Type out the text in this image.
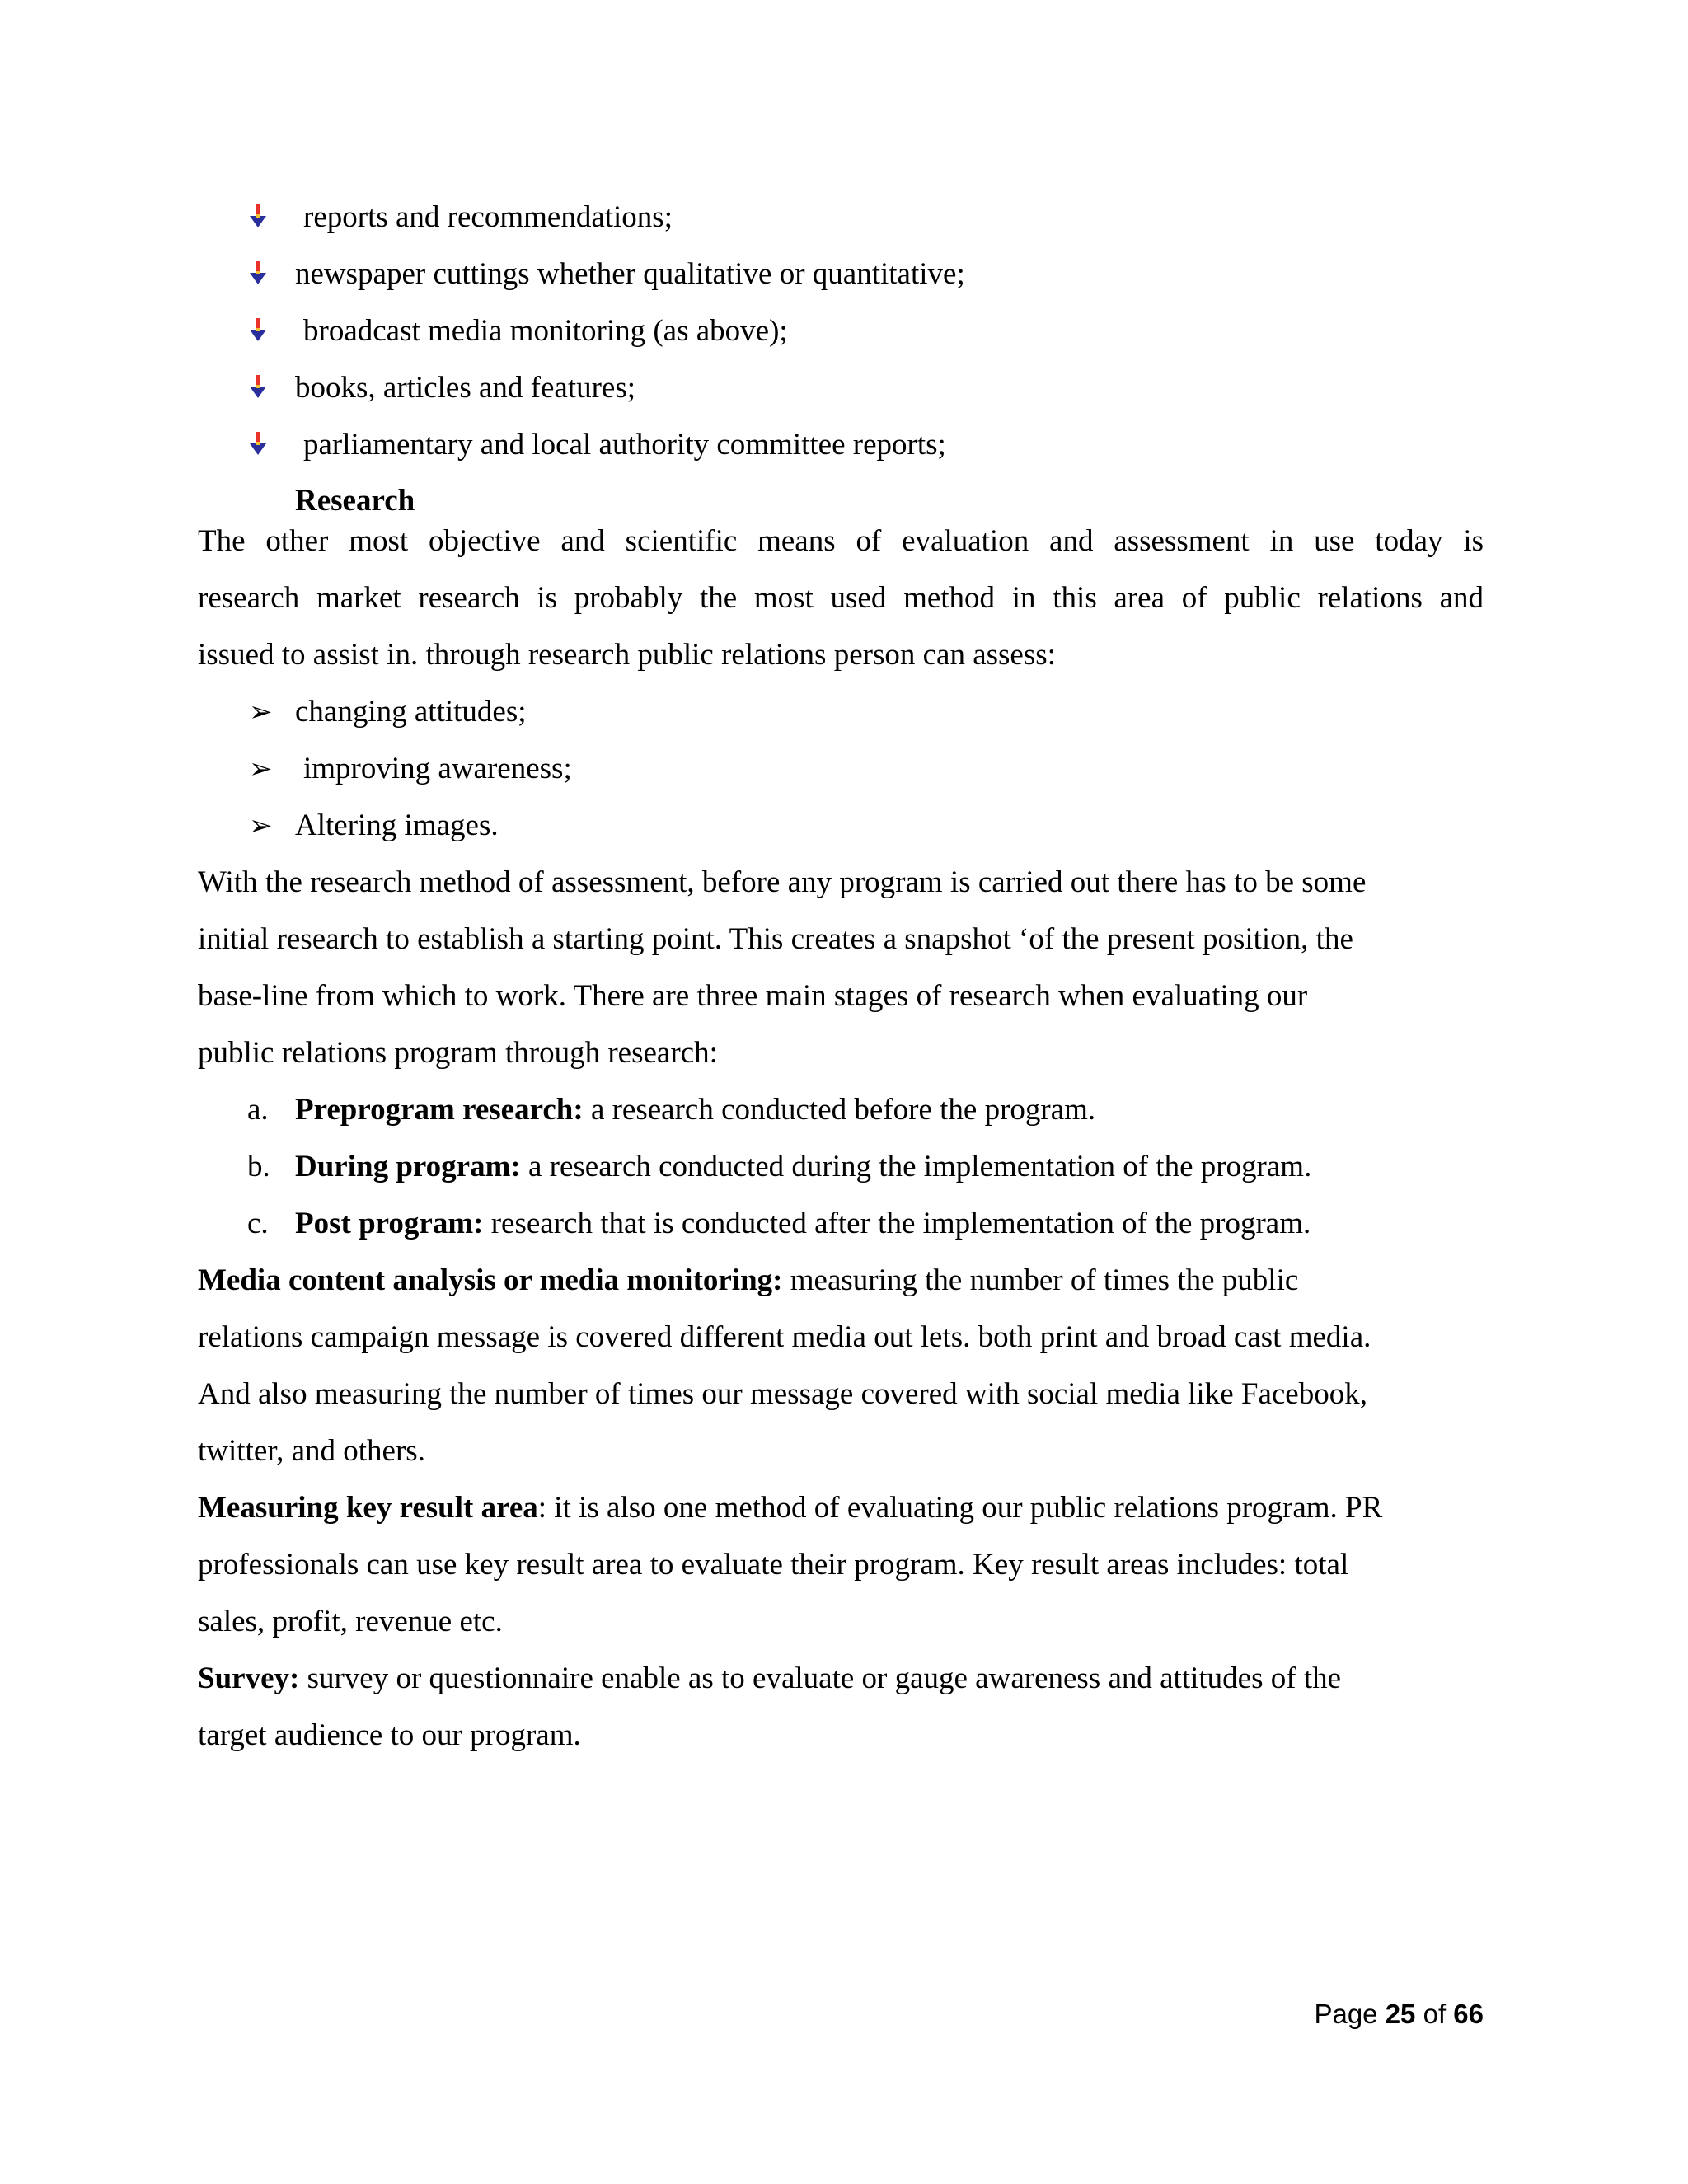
reports and recommendations;
newspaper cuttings whether qualitative or quantitative;
broadcast media monitoring (as above);
books, articles and features;
parliamentary and local authority committee reports;
Research
The other most objective and scientific means of evaluation and assessment in use today is
research market research is probably the most used method in this area of public relations and
issued to assist in. through research public relations person can assess:
➢ changing attitudes;
➢ improving awareness;
➢ Altering images.
With the research method of assessment, before any program is carried out there has to be some
initial research to establish a starting point. This creates a snapshot ‘of the present position, the
base-line from which to work. There are three main stages of research when evaluating our
public relations program through research:
a. Preprogram research: a research conducted before the program.
b. During program: a research conducted during the implementation of the program.
c. Post program: research that is conducted after the implementation of the program.
Media content analysis or media monitoring: measuring the number of times the public
relations campaign message is covered different media out lets. both print and broad cast media.
And also measuring the number of times our message covered with social media like Facebook,
twitter, and others.
Measuring key result area: it is also one method of evaluating our public relations program. PR
professionals can use key result area to evaluate their program. Key result areas includes: total
sales, profit, revenue etc.
Survey: survey or questionnaire enable as to evaluate or gauge awareness and attitudes of the
target audience to our program.
Page 25 of 66
